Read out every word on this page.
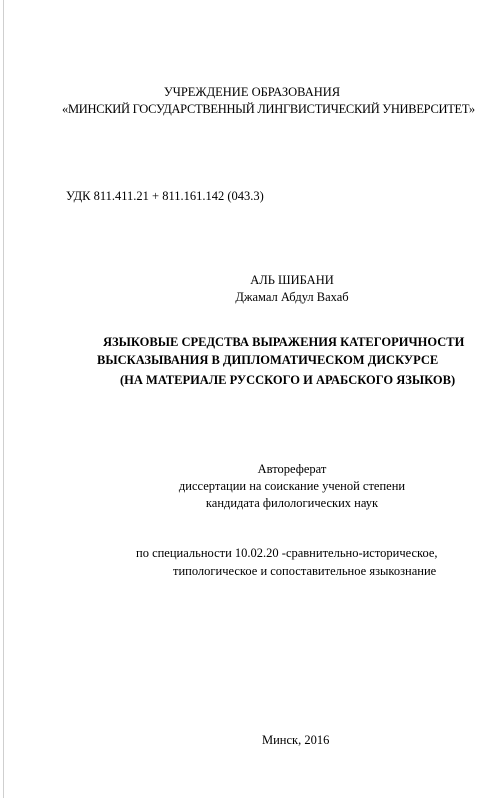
УЧРЕЖДЕНИЕ ОБРАЗОВАНИЯ
«МИНСКИЙ ГОСУДАРСТВЕННЫЙ ЛИНГВИСТИЧЕСКИЙ УНИВЕРСИТЕТ»
УДК 811.411.21 + 811.161.142 (043.3)
АЛЬ ШИБАНИ
Джамал Абдул Вахаб
ЯЗЫКОВЫЕ СРЕДСТВА ВЫРАЖЕНИЯ КАТЕГОРИЧНОСТИ
ВЫСКАЗЫВАНИЯ В ДИПЛОМАТИЧЕСКОМ ДИСКУРСЕ
(НА МАТЕРИАЛЕ РУССКОГО И АРАБСКОГО ЯЗЫКОВ)
Автореферат
диссертации на соискание ученой степени
кандидата филологических наук
по специальности 10.02.20 -сравнительно-историческое,
типологическое и сопоставительное языкознание
Минск, 2016
